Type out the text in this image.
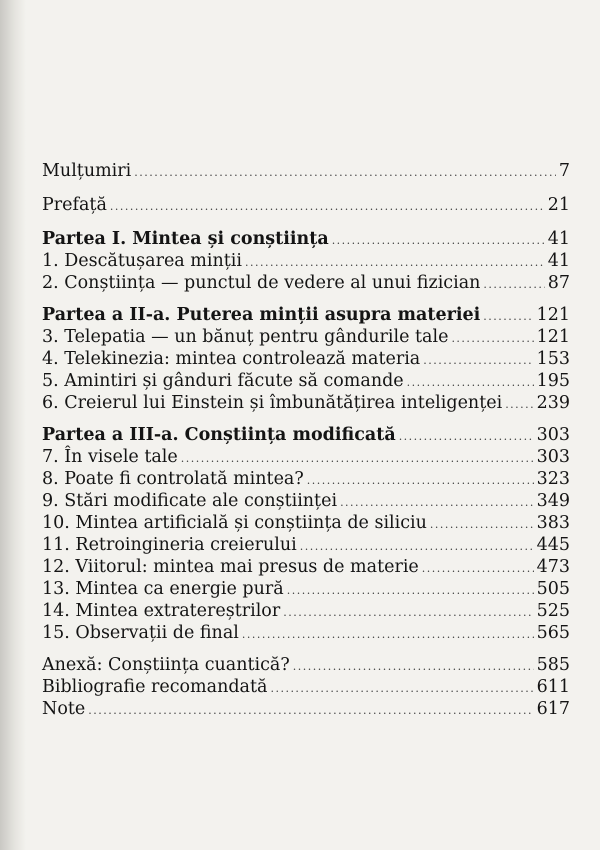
Mulțumiri .....	7
Prefață .....	21
Partea I. Mintea și conștiința .....	41
1. Descătușarea minții .....	41
2. Conștiința — punctul de vedere al unui fizician .....	87
Partea a II-a. Puterea minții asupra materiei .....	121
3. Telepatia — un bănuț pentru gândurile tale .....	121
4. Telekinezia: mintea controlează materia .....	153
5. Amintiri și gânduri făcute să comande .....	195
6. Creierul lui Einstein și îmbunătățirea inteligenței ..... 239
Partea a III-a. Conștiința modificată .....	303
7. În visele tale .....	303
8. Poate fi controlată mintea? .....	323
9. Stări modificate ale conștiinței .....	349
10. Mintea artificială și conștiința de siliciu .....	383
11. Retroingineria creierului .....	445
12. Viitorul: mintea mai presus de materie .....	473
13. Mintea ca energie pură .....	505
14. Mintea extratereștrilor .....	525
15. Observații de final .....	565
Anexă: Conștiința cuantică? .....	585
Bibliografie recomandată .....	611
Note .....	617
